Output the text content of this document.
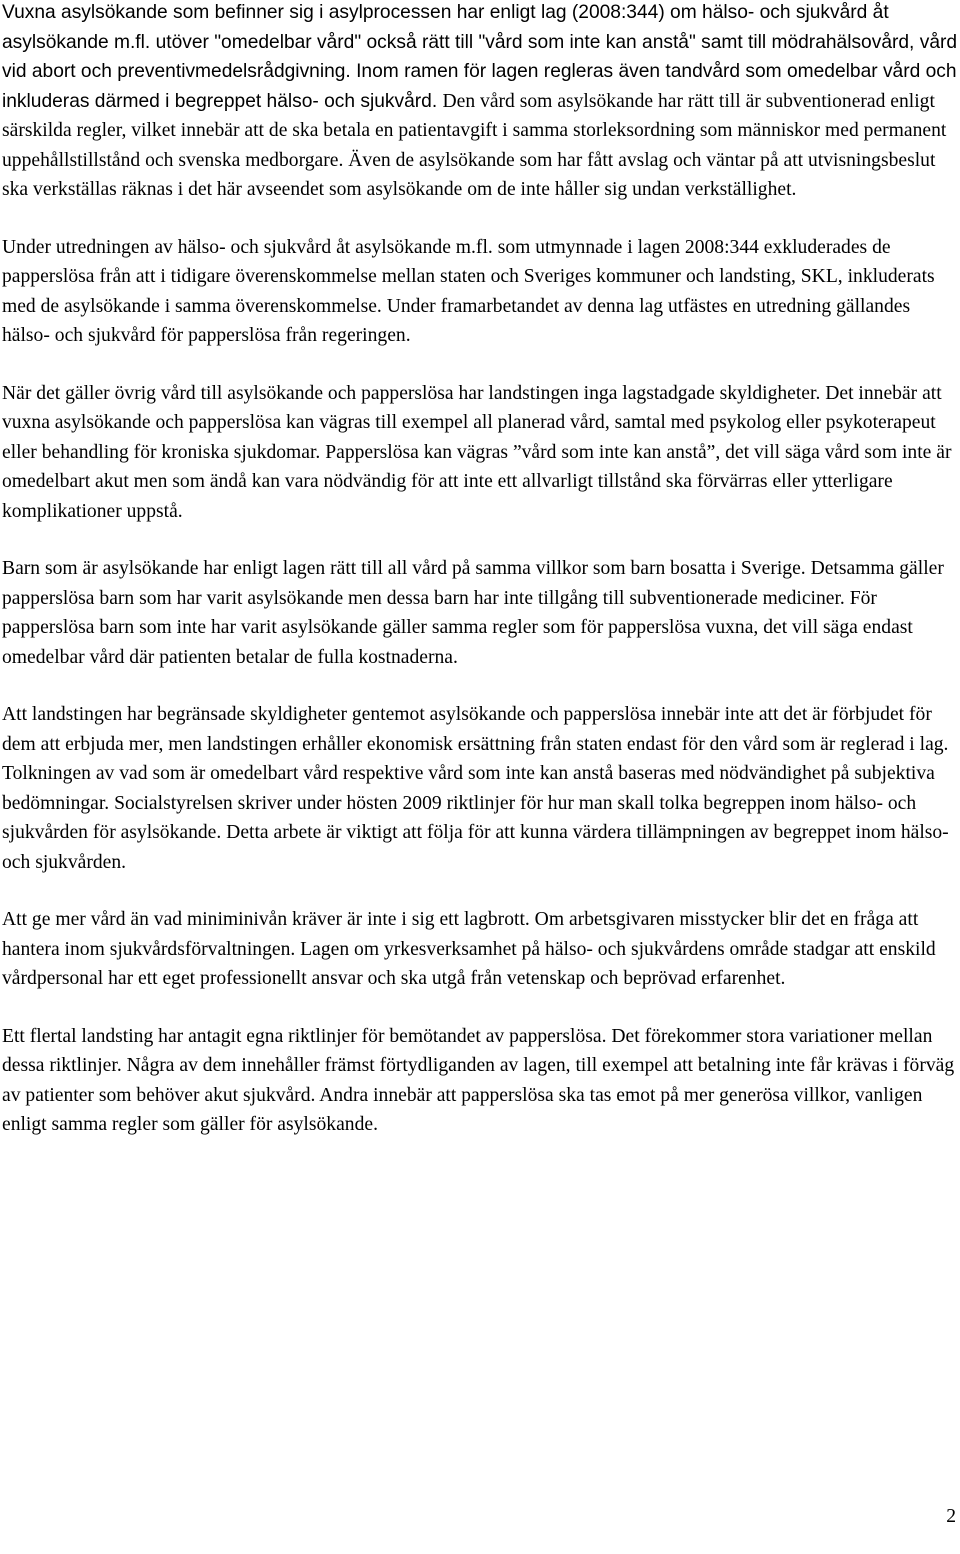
Vuxna asylsökande som befinner sig i asylprocessen har enligt lag (2008:344) om hälso- och sjukvård åt asylsökande m.fl. utöver "omedelbar vård" också rätt till "vård som inte kan anstå" samt till mödrahälsovård, vård vid abort och preventivmedelsrådgivning. Inom ramen för lagen regleras även tandvård som omedelbar vård och inkluderas därmed i begreppet hälso- och sjukvård. Den vård som asylsökande har rätt till är subventionerad enligt särskilda regler, vilket innebär att de ska betala en patientavgift i samma storleksordning som människor med permanent uppehållstillstånd och svenska medborgare. Även de asylsökande som har fått avslag och väntar på att utvisningsbeslut ska verkställas räknas i det här avseendet som asylsökande om de inte håller sig undan verkställighet.

Under utredningen av hälso- och sjukvård åt asylsökande m.fl. som utmynnade i lagen 2008:344 exkluderades de papperslösa från att i tidigare överenskommelse mellan staten och Sveriges kommuner och landsting, SKL, inkluderats med de asylsökande i samma överenskommelse. Under framarbetandet av denna lag utfästes en utredning gällandes hälso- och sjukvård för papperslösa från regeringen.

När det gäller övrig vård till asylsökande och papperslösa har landstingen inga lagstadgade skyldigheter. Det innebär att vuxna asylsökande och papperslösa kan vägras till exempel all planerad vård, samtal med psykolog eller psykoterapeut eller behandling för kroniska sjukdomar. Papperslösa kan vägras ”vård som inte kan anstå”, det vill säga vård som inte är omedelbart akut men som ändå kan vara nödvändig för att inte ett allvarligt tillstånd ska förvärras eller ytterligare komplikationer uppstå.

Barn som är asylsökande har enligt lagen rätt till all vård på samma villkor som barn bosatta i Sverige. Detsamma gäller papperslösa barn som har varit asylsökande men dessa barn har inte tillgång till subventionerade mediciner. För papperslösa barn som inte har varit asylsökande gäller samma regler som för papperslösa vuxna, det vill säga endast omedelbar vård där patienten betalar de fulla kostnaderna.

Att landstingen har begränsade skyldigheter gentemot asylsökande och papperslösa innebär inte att det är förbjudet för dem att erbjuda mer, men landstingen erhåller ekonomisk ersättning från staten endast för den vård som är reglerad i lag. Tolkningen av vad som är omedelbart vård respektive vård som inte kan anstå baseras med nödvändighet på subjektiva bedömningar. Socialstyrelsen skriver under hösten 2009 riktlinjer för hur man skall tolka begreppen inom hälso- och sjukvården för asylsökande. Detta arbete är viktigt att följa för att kunna värdera tillämpningen av begreppet inom hälso- och sjukvården.

Att ge mer vård än vad miniminivån kräver är inte i sig ett lagbrott. Om arbetsgivaren misstycker blir det en fråga att hantera inom sjukvårdsförvaltningen. Lagen om yrkesverksamhet på hälso- och sjukvårdens område stadgar att enskild vårdpersonal har ett eget professionellt ansvar och ska utgå från vetenskap och beprövad erfarenhet.

Ett flertal landsting har antagit egna riktlinjer för bemötandet av papperslösa. Det förekommer stora variationer mellan dessa riktlinjer. Några av dem innehåller främst förtydliganden av lagen, till exempel att betalning inte får krävas i förväg av patienter som behöver akut sjukvård. Andra innebär att papperslösa ska tas emot på mer generösa villkor, vanligen enligt samma regler som gäller för asylsökande.

2
